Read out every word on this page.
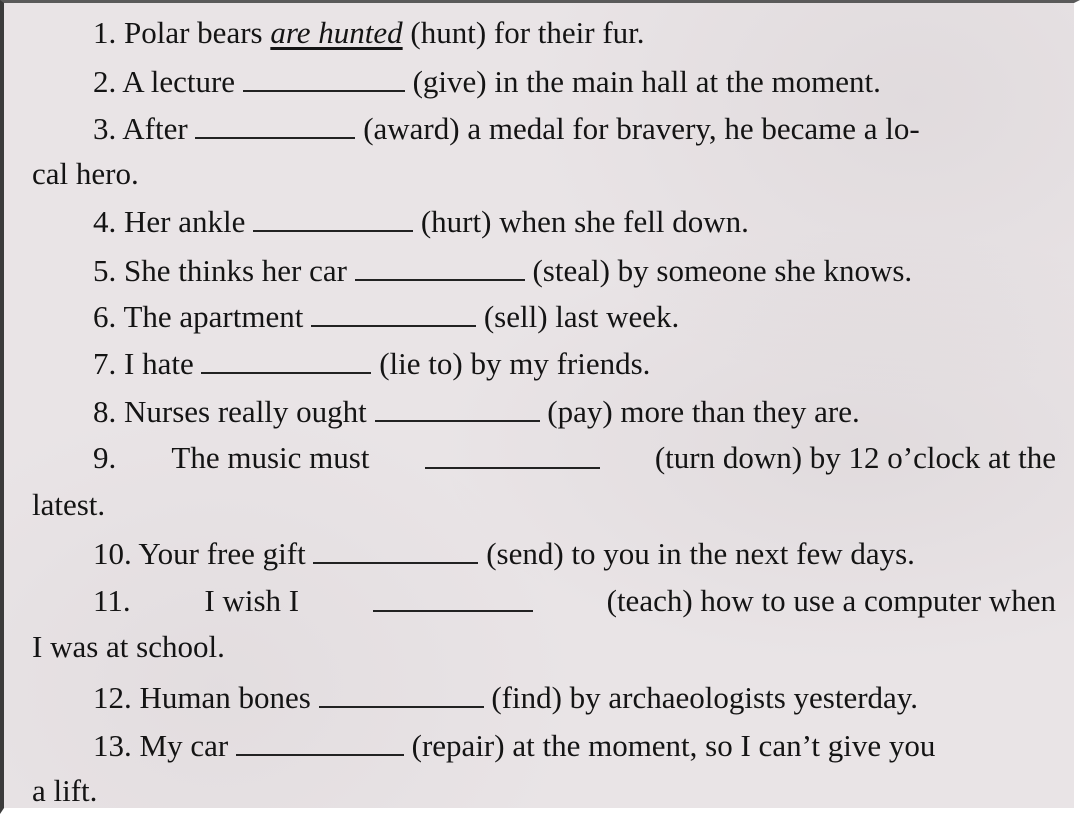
1. Polar bears are hunted (hunt) for their fur.
2. A lecture	(give) in the main hall at the moment.
3. After	(award) a medal for bravery, he became a lo-
cal hero.
4. Her ankle	(hurt) when she fell down.
5. She thinks her car	(steal) by someone she knows.
6. The apartment	(sell) last week.
7. I hate	(lie to) by my friends.
8. Nurses really ought	(pay) more than they are.
9. The music must	(turn down) by 12 o’clock at the
latest.
10. Your free gift	(send) to you in the next few days.
11. I wish I	(teach) how to use a computer when
I was at school.
12. Human bones	(find) by archaeologists yesterday.
13. My car	(repair) at the moment, so I can’t give you
a lift.
